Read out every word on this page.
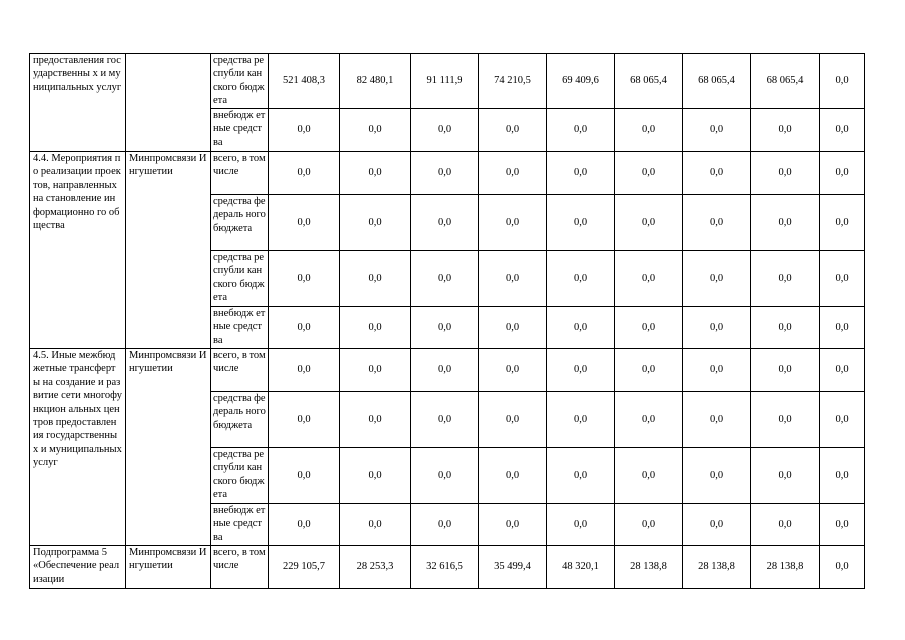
предоставления государственны х и муниципальных услуг		средства республи канского бюджета	521 408,3	82 480,1	91 111,9	74 210,5	69 409,6	68 065,4	68 065,4	68 065,4	0,0
		внебюдж етные средства	0,0	0,0	0,0	0,0	0,0	0,0	0,0	0,0	0,0
4.4. Мероприятия по реализации проектов, направленных на становление информационно го общества	Минпромсвязи Ингушетии	всего, в том числе	0,0	0,0	0,0	0,0	0,0	0,0	0,0	0,0	0,0
		средства федераль ного бюджета	0,0	0,0	0,0	0,0	0,0	0,0	0,0	0,0	0,0
		средства республи канского бюджета	0,0	0,0	0,0	0,0	0,0	0,0	0,0	0,0	0,0
		внебюдж етные средства	0,0	0,0	0,0	0,0	0,0	0,0	0,0	0,0	0,0
4.5. Иные межбюджетные трансферты на создание и развитие сети многофункцион альных центров предоставления государственны х и муниципальных услуг	Минпромсвязи Ингушетии	всего, в том числе	0,0	0,0	0,0	0,0	0,0	0,0	0,0	0,0	0,0
		средства федераль ного бюджета	0,0	0,0	0,0	0,0	0,0	0,0	0,0	0,0	0,0
		средства республи канского бюджета	0,0	0,0	0,0	0,0	0,0	0,0	0,0	0,0	0,0
		внебюдж етные средства	0,0	0,0	0,0	0,0	0,0	0,0	0,0	0,0	0,0
Подпрограмма 5 «Обеспечение реализации	Минпромсвязи Ингушетии	всего, в том числе	229 105,7	28 253,3	32 616,5	35 499,4	48 320,1	28 138,8	28 138,8	28 138,8	0,0
